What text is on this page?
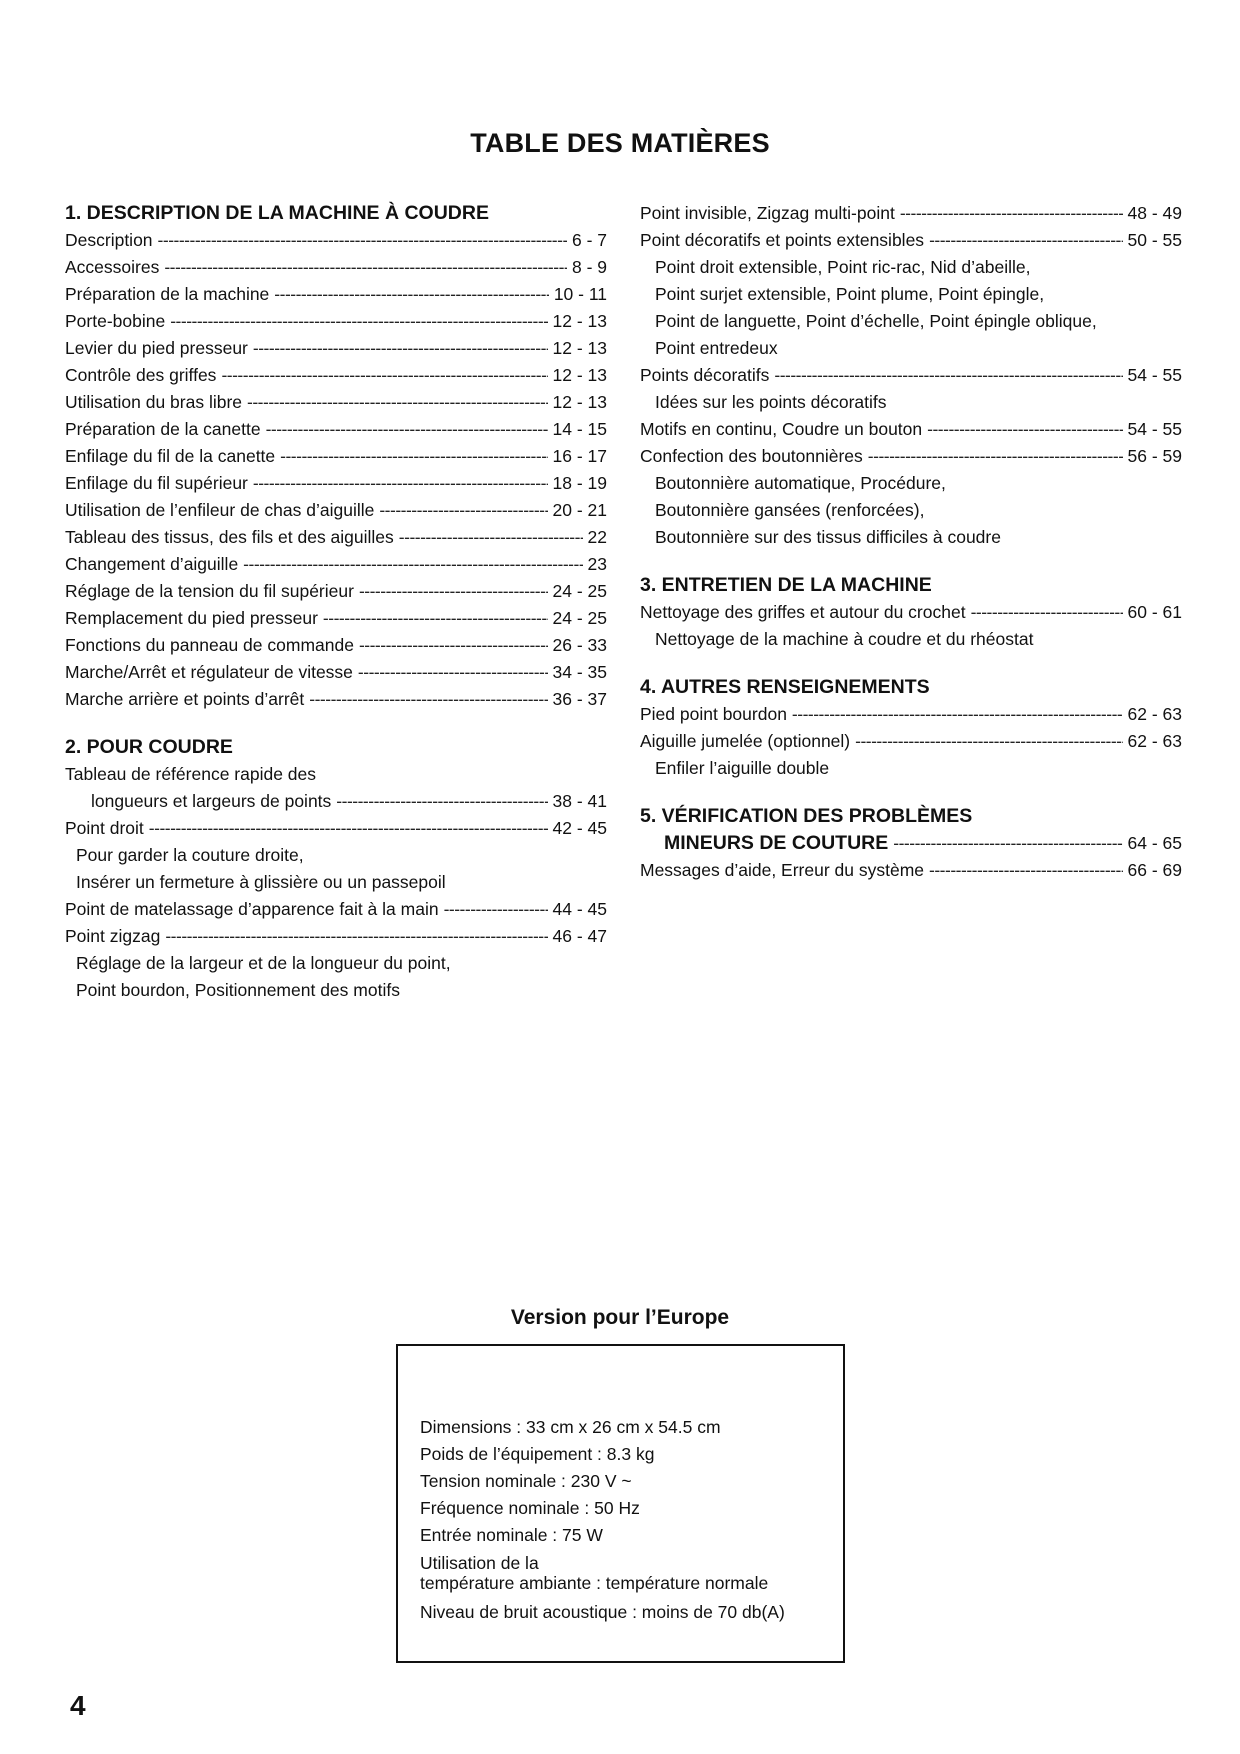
TABLE DES MATIÈRES
1. DESCRIPTION DE LA MACHINE À COUDRE
Description -----	6 - 7
Accessoires -----	8 - 9
Préparation de la machine -----	10 - 11
Porte-bobine -----	12 - 13
Levier du pied presseur -----	12 - 13
Contrôle des griffes -----	12 - 13
Utilisation du bras libre -----	12 - 13
Préparation de la canette -----	14 - 15
Enfilage du fil de la canette -----	16 - 17
Enfilage du fil supérieur -----	18 - 19
Utilisation de l’enfileur de chas d’aiguille -----	20 - 21
Tableau des tissus, des fils et des aiguilles -----	22
Changement d’aiguille -----	23
Réglage de la tension du fil supérieur -----	24 - 25
Remplacement du pied presseur -----	24 - 25
Fonctions du panneau de commande -----	26 - 33
Marche/Arrêt et régulateur de vitesse -----	34 - 35
Marche arrière et points d’arrêt -----	36 - 37
2. POUR COUDRE
Tableau de référence rapide des
longueurs et largeurs de points -----	38 - 41
Point droit -----	42 - 45
Pour garder la couture droite,
Insérer un fermeture à glissière ou un passepoil
Point de matelassage d’apparence fait à la main -----	44 - 45
Point zigzag -----	46 - 47
Réglage de la largeur et de la longueur du point,
Point bourdon, Positionnement des motifs
Point invisible, Zigzag multi-point -----	48 - 49
Point décoratifs et points extensibles -----	50 - 55
Point droit extensible, Point ric-rac, Nid d’abeille,
Point surjet extensible, Point plume, Point épingle,
Point de languette, Point d’échelle, Point épingle oblique,
Point entredeux
Points décoratifs -----	54 - 55
Idées sur les points décoratifs
Motifs en continu, Coudre un bouton -----	54 - 55
Confection des boutonnières -----	56 - 59
Boutonnière automatique, Procédure,
Boutonnière gansées (renforcées),
Boutonnière sur des tissus difficiles à coudre
3. ENTRETIEN DE LA MACHINE
Nettoyage des griffes et autour du crochet -----	60 - 61
Nettoyage de la machine à coudre et du rhéostat
4. AUTRES RENSEIGNEMENTS
Pied point bourdon -----	62 - 63
Aiguille jumelée (optionnel) -----	62 - 63
Enfiler l’aiguille double
5. VÉRIFICATION DES PROBLÈMES
MINEURS DE COUTURE -----	64 - 65
Messages d’aide, Erreur du système -----	66 - 69
Version pour l’Europe
Dimensions : 33 cm x 26 cm x 54.5 cm
Poids de l’équipement : 8.3 kg
Tension nominale : 230 V ~
Fréquence nominale : 50 Hz
Entrée nominale : 75 W
Utilisation de la
température ambiante : température normale
Niveau de bruit acoustique : moins de 70 db(A)
4
